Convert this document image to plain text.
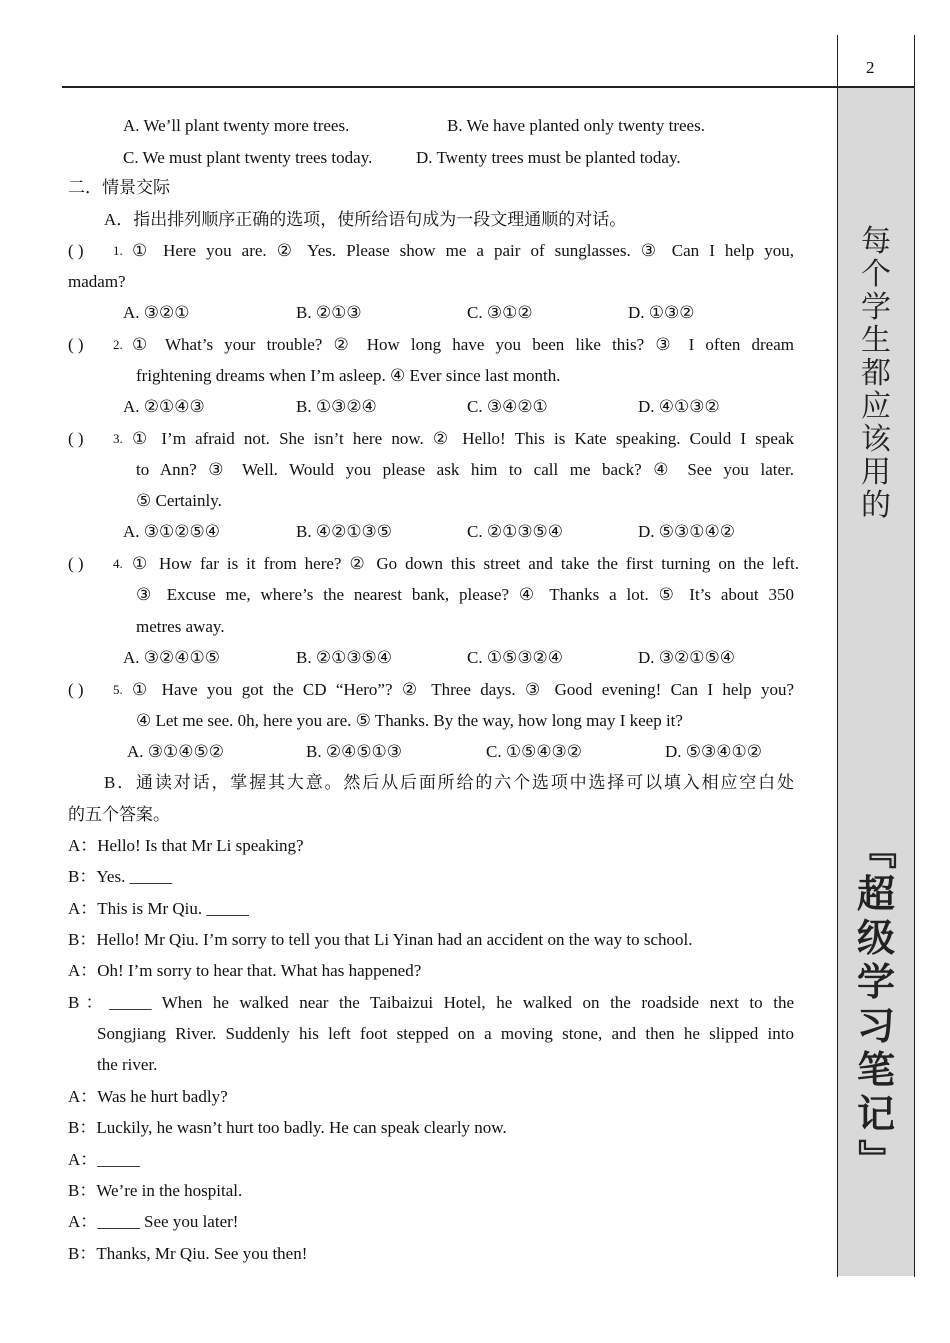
2
每
个
学
生
都
应
该
用
的
『
超
级
学
习
笔
记
』
A. We’ll plant twenty more trees.	B. We have planted only twenty trees.
C. We must plant twenty trees today.	D. Twenty trees must be planted today.
二．情景交际
A．指出排列顺序正确的选项，使所给语句成为一段文理通顺的对话。
( ) $^{1.}$ ① Here you are. ② Yes. Please show me a pair of sunglasses. ③ Can I help you,
madam?
A. ③②①	B. ②①③	C. ③①②	D. ①③②
( ) $^{2.}$ ① What’s your trouble? ② How long have you been like this? ③ I often dream
frightening dreams when I’m asleep. ④ Ever since last month.
A. ②①④③	B. ①③②④	C. ③④②①	D. ④①③②
( ) $^{3.}$ ① I’m afraid not. She isn’t here now. ② Hello! This is Kate speaking. Could I speak
to Ann? ③ Well. Would you please ask him to call me back? ④ See you later.
⑤ Certainly.
A. ③①②⑤④	B. ④②①③⑤	C. ②①③⑤④	D. ⑤③①④②
( ) $^{4.}$ ① How far is it from here? ② Go down this street and take the first turning on the left.
③ Excuse me, where’s the nearest bank, please? ④ Thanks a lot. ⑤ It’s about 350
metres away.
A. ③②④①⑤	B. ②①③⑤④	C. ①⑤③②④	D. ③②①⑤④
( ) $^{5.}$ ① Have you got the CD “Hero”? ② Three days. ③ Good evening! Can I help you?
④ Let me see. 0h, here you are. ⑤ Thanks. By the way, how long may I keep it?
A. ③①④⑤②	B. ②④⑤①③	C. ①⑤④③②	D. ⑤③④①②
B．通读对话，掌握其大意。然后从后面所给的六个选项中选择可以填入相应空白处
的五个答案。
A：Hello! Is that Mr Li speaking?
B：Yes. _____
A：This is Mr Qiu. _____
B：Hello! Mr Qiu. I’m sorry to tell you that Li Yinan had an accident on the way to school.
A：Oh! I’m sorry to hear that. What has happened?
B：_____ When he walked near the Taibaizui Hotel, he walked on the roadside next to the
Songjiang River. Suddenly his left foot stepped on a moving stone, and then he slipped into
the river.
A：Was he hurt badly?
B：Luckily, he wasn’t hurt too badly. He can speak clearly now.
A：_____
B：We’re in the hospital.
A：_____ See you later!
B：Thanks, Mr Qiu. See you then!
